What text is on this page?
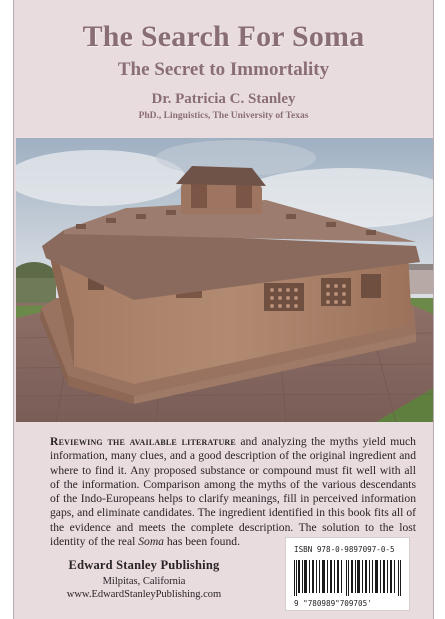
The Search For Soma
The Secret to Immortality
Dr. Patricia C. Stanley
PhD., Linguistics, The University of Texas

Reviewing the available literature and analyzing the myths yield much information, many clues, and a good description of the original ingredient and where to find it. Any proposed substance or compound must fit well with all of the information. Comparison among the myths of the various descendants of the Indo-Europeans helps to clarify meanings, fill in perceived information gaps, and eliminate candidates. The ingredient identified in this book fits all of the evidence and meets the complete description. The solution to the lost identity of the real Soma has been found.

Edward Stanley Publishing
Milpitas, California
www.EdwardStanleyPublishing.com
ISBN 978-0-9897097-0-5
9 "780989"709705'
